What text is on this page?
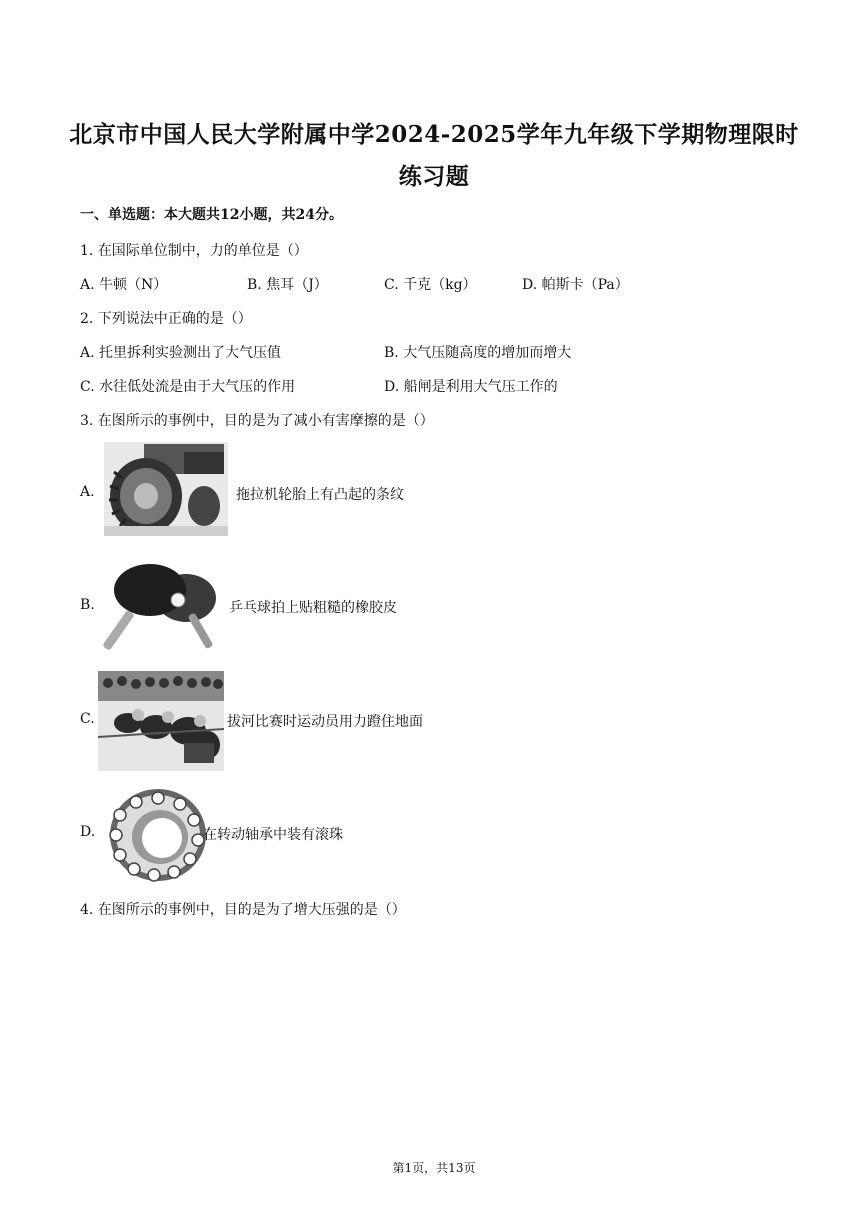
北京市中国人民大学附属中学2024-2025学年九年级下学期物理限时
练习题
一、单选题：本大题共12小题，共24分。
1. 在国际单位制中，力的单位是（）
A. 牛顿（N）	B. 焦耳（J）	C. 千克（kg）	D. 帕斯卡（Pa）
2. 下列说法中正确的是（）
A. 托里拆利实验测出了大气压值	B. 大气压随高度的增加而增大
C. 水往低处流是由于大气压的作用	D. 船闸是利用大气压工作的
3. 在图所示的事例中，目的是为了减小有害摩擦的是（）
A.	拖拉机轮胎上有凸起的条纹
B.	乒乓球拍上贴粗糙的橡胶皮
C.	拔河比赛时运动员用力蹬住地面
D.	在转动轴承中装有滚珠
4. 在图所示的事例中，目的是为了增大压强的是（）
第1页，共13页
